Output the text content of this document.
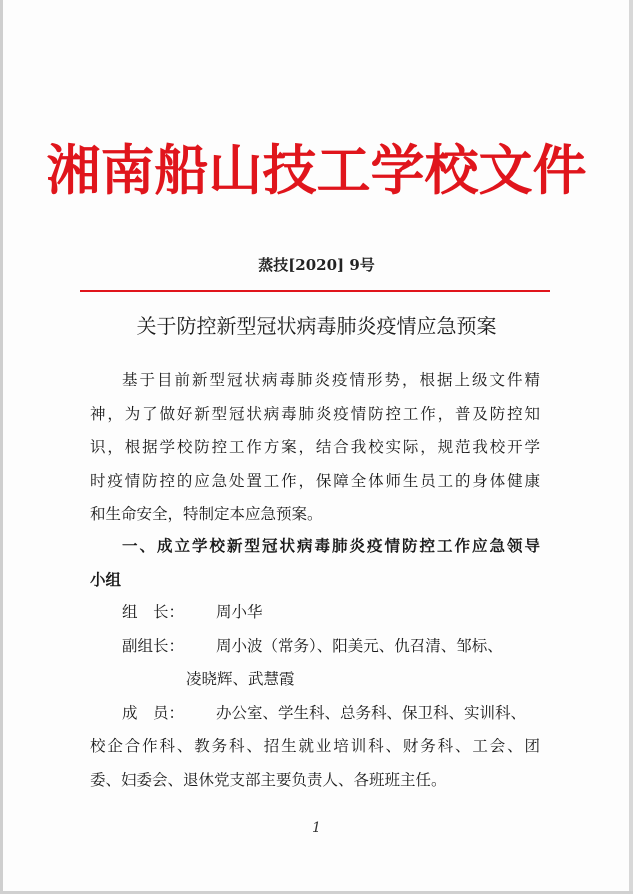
湘南船山技工学校文件
蒸技[2020] 9号
关于防控新型冠状病毒肺炎疫情应急预案
基于目前新型冠状病毒肺炎疫情形势，根据上级文件精
神，为了做好新型冠状病毒肺炎疫情防控工作，普及防控知
识，根据学校防控工作方案，结合我校实际，规范我校开学
时疫情防控的应急处置工作，保障全体师生员工的身体健康
和生命安全，特制定本应急预案。
一、成立学校新型冠状病毒肺炎疫情防控工作应急领导
小组
组　长：	周小华
副组长：	周小波（常务）、阳美元、仇召清、邹标、
凌晓辉、武慧霞
成　员：	办公室、学生科、总务科、保卫科、实训科、
校企合作科、教务科、招生就业培训科、财务科、工会、团
委、妇委会、退休党支部主要负责人、各班班主任。
1
